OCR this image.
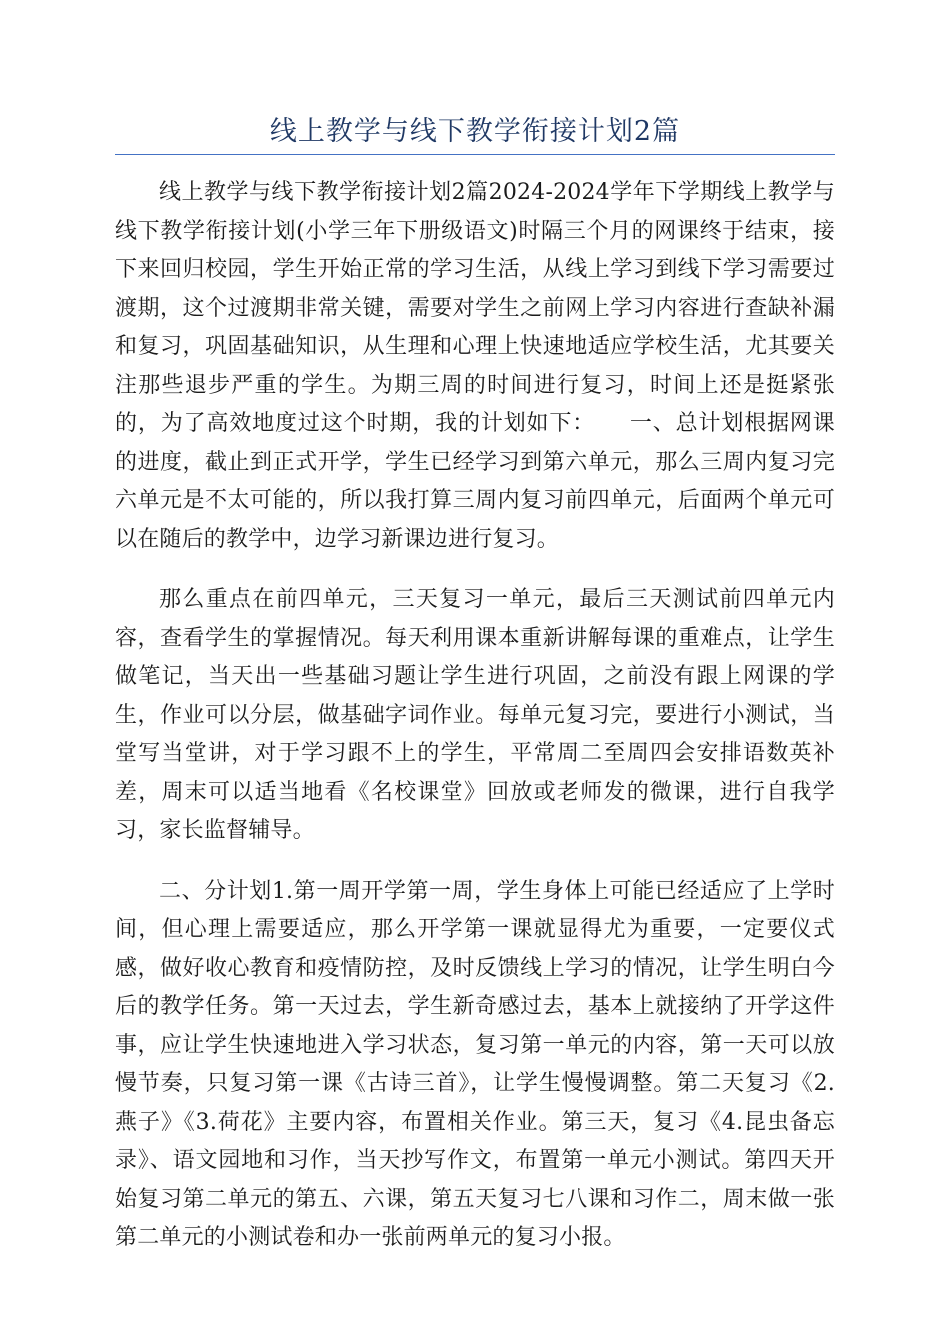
线上教学与线下教学衔接计划2篇

线上教学与线下教学衔接计划2篇2024-2024学年下学期线上教学与线下教学衔接计划(小学三年下册级语文)时隔三个月的网课终于结束，接下来回归校园，学生开始正常的学习生活，从线上学习到线下学习需要过渡期，这个过渡期非常关键，需要对学生之前网上学习内容进行查缺补漏和复习，巩固基础知识，从生理和心理上快速地适应学校生活，尤其要关注那些退步严重的学生。为期三周的时间进行复习，时间上还是挺紧张的，为了高效地度过这个时期，我的计划如下：　　一、总计划根据网课的进度，截止到正式开学，学生已经学习到第六单元，那么三周内复习完六单元是不太可能的，所以我打算三周内复习前四单元，后面两个单元可以在随后的教学中，边学习新课边进行复习。

那么重点在前四单元，三天复习一单元，最后三天测试前四单元内容，查看学生的掌握情况。每天利用课本重新讲解每课的重难点，让学生做笔记，当天出一些基础习题让学生进行巩固，之前没有跟上网课的学生，作业可以分层，做基础字词作业。每单元复习完，要进行小测试，当堂写当堂讲，对于学习跟不上的学生，平常周二至周四会安排语数英补差，周末可以适当地看《名校课堂》回放或老师发的微课，进行自我学习，家长监督辅导。

二、分计划1.第一周开学第一周，学生身体上可能已经适应了上学时间，但心理上需要适应，那么开学第一课就显得尤为重要，一定要仪式感，做好收心教育和疫情防控，及时反馈线上学习的情况，让学生明白今后的教学任务。第一天过去，学生新奇感过去，基本上就接纳了开学这件事，应让学生快速地进入学习状态，复习第一单元的内容，第一天可以放慢节奏，只复习第一课《古诗三首》，让学生慢慢调整。第二天复习《2.燕子》《3.荷花》主要内容，布置相关作业。第三天，复习《4.昆虫备忘录》、语文园地和习作，当天抄写作文，布置第一单元小测试。第四天开始复习第二单元的第五、六课，第五天复习七八课和习作二，周末做一张第二单元的小测试卷和办一张前两单元的复习小报。
